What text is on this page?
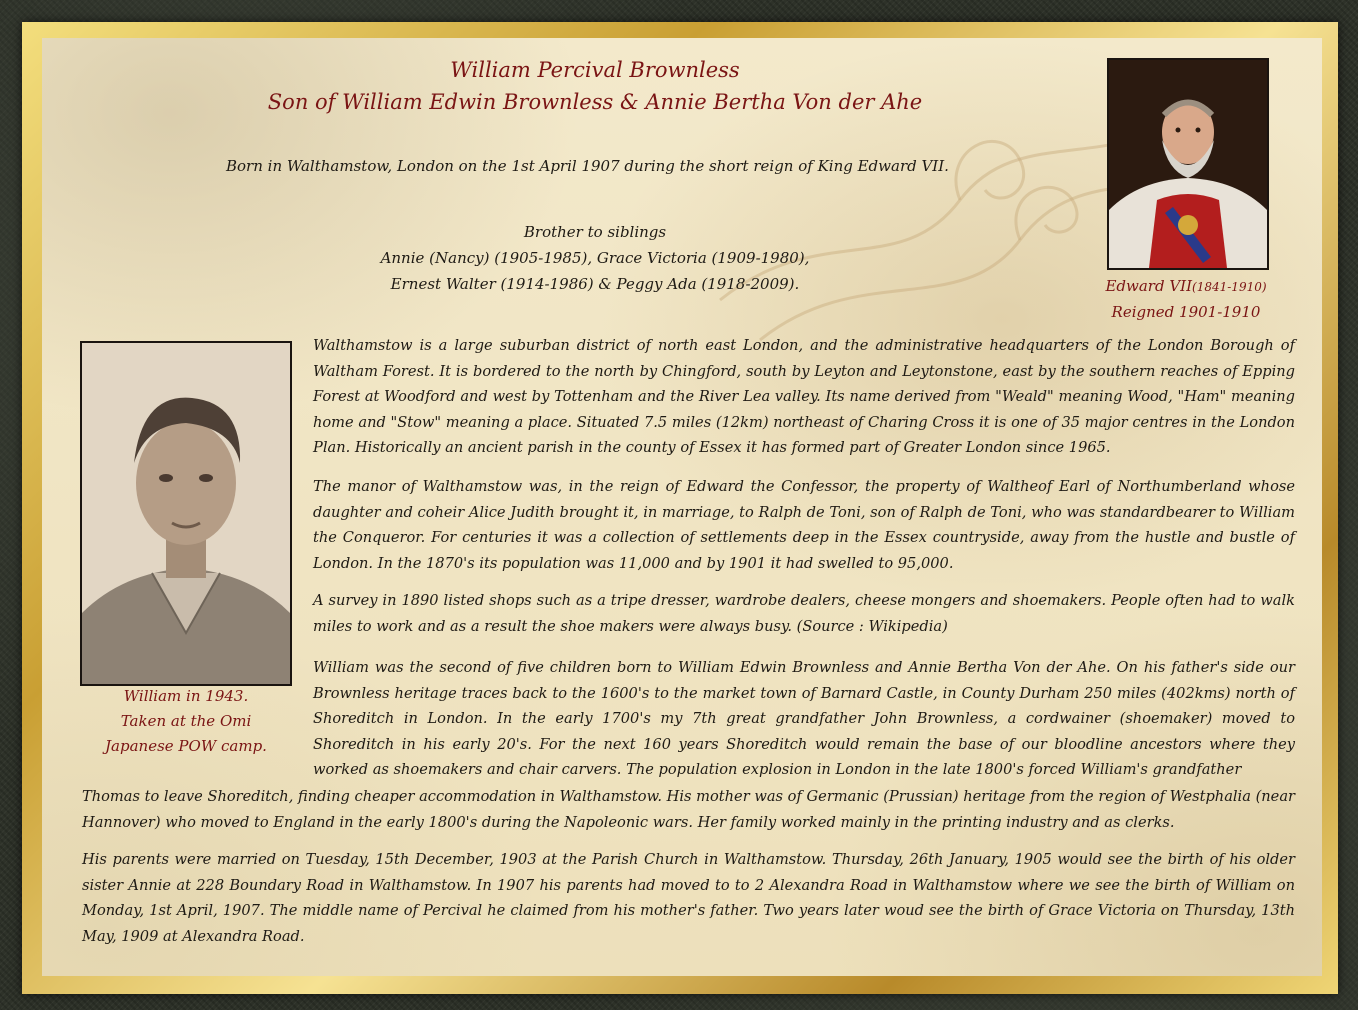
William Percival Brownless
Son of William Edwin Brownless & Annie Bertha Von der Ahe
Born in Walthamstow, London on the 1st April 1907 during the short reign of King Edward VII.
Brother to siblings
Annie (Nancy) (1905-1985), Grace Victoria (1909-1980),
Ernest Walter (1914-1986) & Peggy Ada (1918-2009).	Edward VII(1841-1910)
Reigned 1901-1910
William in 1943.
Taken at the Omi
Japanese POW camp.

Walthamstow is a large suburban district of north east London, and the administrative headquarters of the London Borough of Waltham Forest. It is bordered to the north by Chingford, south by Leyton and Leytonstone, east by the southern reaches of Epping Forest at Woodford and west by Tottenham and the River Lea valley. Its name derived from "Weald" meaning Wood, "Ham" meaning home and "Stow" meaning a place. Situated 7.5 miles (12km) northeast of Charing Cross it is one of 35 major centres in the London Plan. Historically an ancient parish in the county of Essex it has formed part of Greater London since 1965.

The manor of Walthamstow was, in the reign of Edward the Confessor, the property of Waltheof Earl of Northumberland whose daughter and coheir Alice Judith brought it, in marriage, to Ralph de Toni, son of Ralph de Toni, who was standardbearer to William the Conqueror. For centuries it was a collection of settlements deep in the Essex countryside, away from the hustle and bustle of London. In the 1870's its population was 11,000 and by 1901 it had swelled to 95,000.

A survey in 1890 listed shops such as a tripe dresser, wardrobe dealers, cheese mongers and shoemakers. People often had to walk miles to work and as a result the shoe makers were always busy. (Source : Wikipedia)

William was the second of five children born to William Edwin Brownless and Annie Bertha Von der Ahe. On his father's side our Brownless heritage traces back to the 1600's to the market town of Barnard Castle, in County Durham 250 miles (402kms) north of Shoreditch in London. In the early 1700's my 7th great grandfather John Brownless, a cordwainer (shoemaker) moved to Shoreditch in his early 20's. For the next 160 years Shoreditch would remain the base of our bloodline ancestors where they worked as shoemakers and chair carvers. The population explosion in London in the late 1800's forced William's grandfather

Thomas to leave Shoreditch, finding cheaper accommodation in Walthamstow. His mother was of Germanic (Prussian) heritage from the region of Westphalia (near Hannover) who moved to England in the early 1800's during the Napoleonic wars. Her family worked mainly in the printing industry and as clerks.

His parents were married on Tuesday, 15th December, 1903 at the Parish Church in Walthamstow. Thursday, 26th January, 1905 would see the birth of his older sister Annie at 228 Boundary Road in Walthamstow. In 1907 his parents had moved to to 2 Alexandra Road in Walthamstow where we see the birth of William on Monday, 1st April, 1907. The middle name of Percival he claimed from his mother's father. Two years later woud see the birth of Grace Victoria on Thursday, 13th May, 1909 at Alexandra Road.
